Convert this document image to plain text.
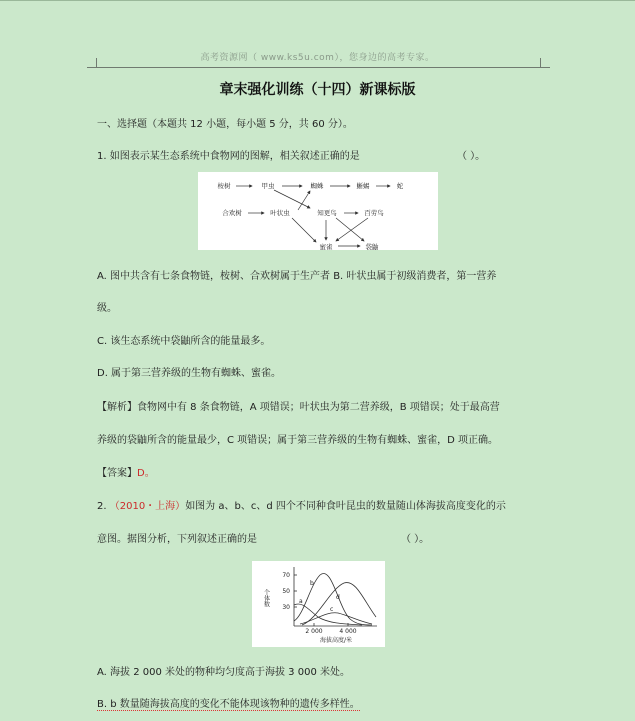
高考资源网（ www.ks5u.com），您身边的高考专家。
章末强化训练（十四）新课标版
一、选择题（本题共 12 小题，每小题 5 分，共 60 分）。
1. 如图表示某生态系统中食物网的图解，相关叙述正确的是	（ ）。
桉树	甲虫	蜘蛛	蜥蜴	蛇
合欢树	叶状虫	知更鸟	百劳鸟
蜜雀	袋鼬
A. 图中共含有七条食物链，桉树、合欢树属于生产者 B. 叶状虫属于初级消费者，第一营养
级。
C. 该生态系统中袋鼬所含的能量最多。
D. 属于第三营养级的生物有蜘蛛、蜜雀。
【解析】食物网中有 8 条食物链，A 项错误；叶状虫为第二营养级，B 项错误；处于最高营
养级的袋鼬所含的能量最少，C 项错误；属于第三营养级的生物有蜘蛛、蜜雀，D 项正确。
【答案】D。
2. （2010・上海）如图为 a、b、c、d 四个不同种食叶昆虫的数量随山体海拔高度变化的示
意图。据图分析，下列叙述正确的是	（ ）。
70
50
30
2 000	4 000
海拔高度/米
a
b
c
d
个体数
A. 海拔 2 000 米处的物种均匀度高于海拔 3 000 米处。
B. b 数量随海拔高度的变化不能体现该物种的遗传多样性。
